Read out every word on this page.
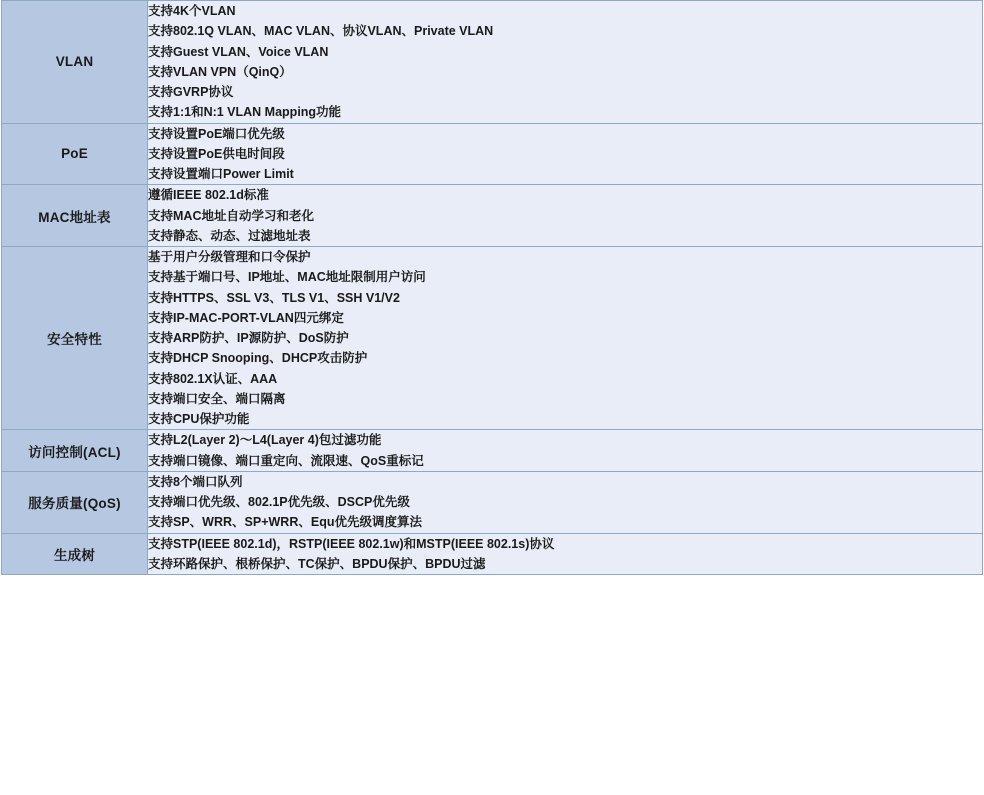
VLAN	
支持4K个VLAN
支持802.1Q VLAN、MAC VLAN、协议VLAN、Private VLAN
支持Guest VLAN、Voice VLAN
支持VLAN VPN（QinQ）
支持GVRP协议
支持1:1和N:1 VLAN Mapping功能

PoE	支持设置PoE端口优先级
支持设置PoE供电时间段
支持设置端口Power Limit

MAC地址表	遵循IEEE 802.1d标准
支持MAC地址自动学习和老化
支持静态、动态、过滤地址表

安全特性	
基于用户分级管理和口令保护
支持基于端口号、IP地址、MAC地址限制用户访问
支持HTTPS、SSL V3、TLS V1、SSH V1/V2
支持IP-MAC-PORT-VLAN四元绑定
支持ARP防护、IP源防护、DoS防护
支持DHCP Snooping、DHCP攻击防护
支持802.1X认证、AAA
支持端口安全、端口隔离
支持CPU保护功能

访问控制(ACL)	支持L2(Layer 2)～L4(Layer 4)包过滤功能
支持端口镜像、端口重定向、流限速、QoS重标记

服务质量(QoS)	支持8个端口队列
支持端口优先级、802.1P优先级、DSCP优先级
支持SP、WRR、SP+WRR、Equ优先级调度算法

生成树	支持STP(IEEE 802.1d)，RSTP(IEEE 802.1w)和MSTP(IEEE 802.1s)协议
支持环路保护、根桥保护、TC保护、BPDU保护、BPDU过滤
